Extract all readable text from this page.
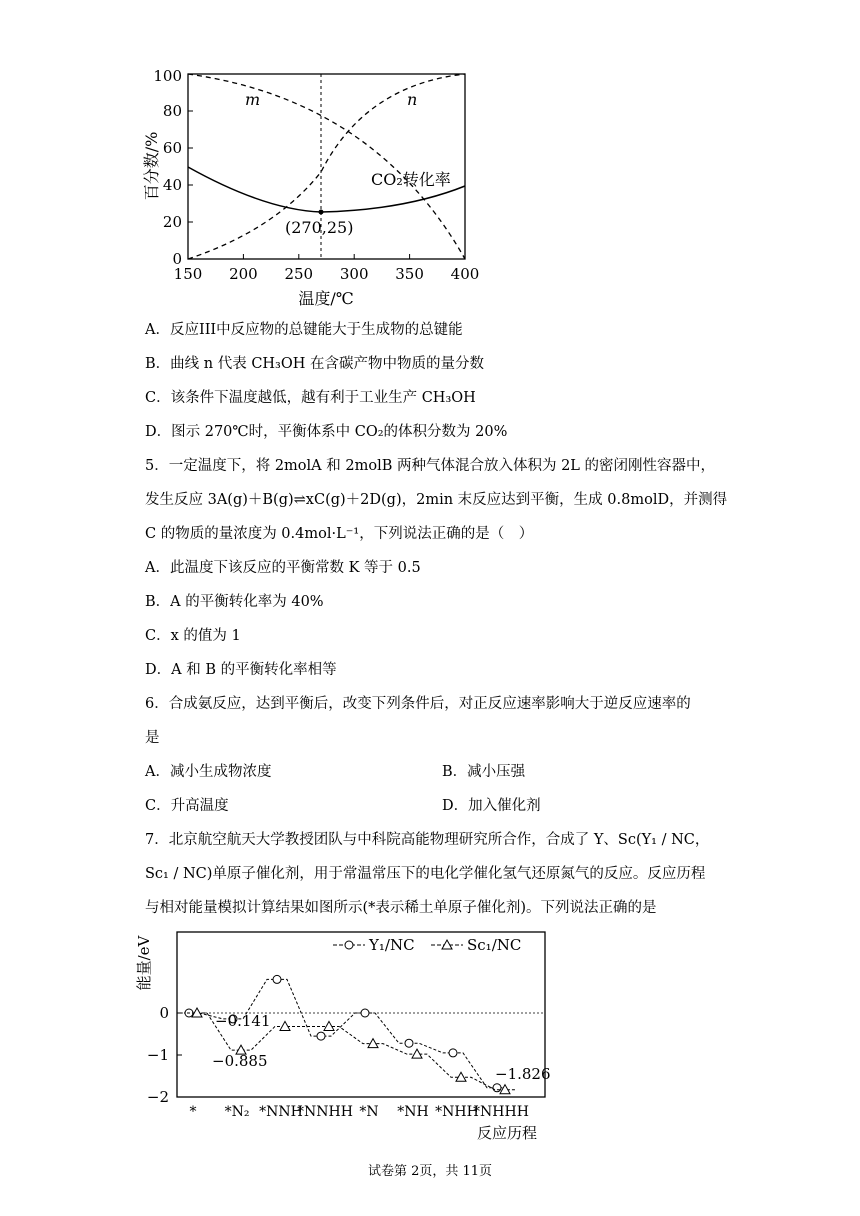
0
20
40
60
80
100
150 200 250 300 350 400
百分数/%
温度/℃
m	n
CO₂转化率
(270,25)
A．反应III中反应物的总键能大于生成物的总键能
B．曲线 n 代表 CH₃OH 在含碳产物中物质的量分数
C．该条件下温度越低，越有利于工业生产 CH₃OH
D．图示 270℃时，平衡体系中 CO₂的体积分数为 20%
5．一定温度下，将 2molA 和 2molB 两种气体混合放入体积为 2L 的密闭刚性容器中，
发生反应 3A(g)＋B(g)⇌xC(g)＋2D(g)，2min 末反应达到平衡，生成 0.8molD，并测得
C 的物质的量浓度为 0.4mol·L⁻¹，下列说法正确的是（　）
A．此温度下该反应的平衡常数 K 等于 0.5
B．A 的平衡转化率为 40%
C．x 的值为 1
D．A 和 B 的平衡转化率相等
6．合成氨反应，达到平衡后，改变下列条件后，对正反应速率影响大于逆反应速率的
是
A．减小生成物浓度	B．减小压强
C．升高温度	D．加入催化剂
7．北京航空航天大学教授团队与中科院高能物理研究所合作，合成了 Y、Sc(Y₁ / NC，
Sc₁ / NC)单原子催化剂，用于常温常压下的电化学催化氢气还原氮气的反应。反应历程
与相对能量模拟计算结果如图所示(*表示稀土单原子催化剂)。下列说法正确的是
0
−1
−2
能量/eV
反应历程
Y₁/NC	Sc₁/NC
* *N₂ *NNH
*NNHH *N *NH *NHH
*NHHH
−0.141
−0.885
−1.826
试卷第 2页，共 11页
